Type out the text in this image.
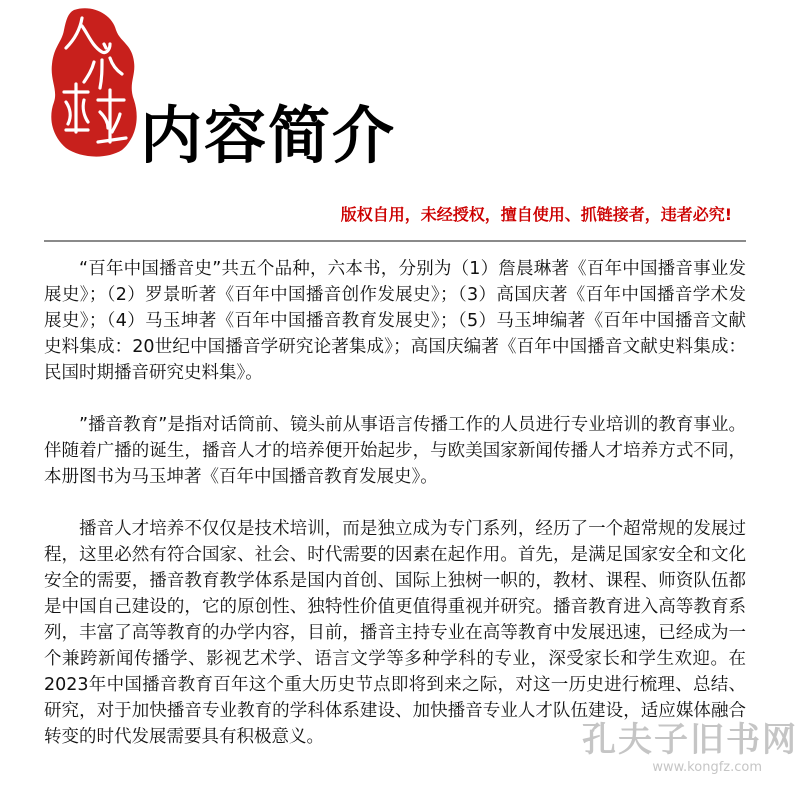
内容简介
版权自用，未经授权，擅自使用、抓链接者，违者必究!

“百年中国播音史”共五个品种，六本书，分别为（1）詹晨琳著《百年中国播音事业发展史》；（2）罗景昕著《百年中国播音创作发展史》；（3）高国庆著《百年中国播音学术发展史》；（4）马玉坤著《百年中国播音教育发展史》；（5）马玉坤编著《百年中国播音文献史料集成：20世纪中国播音学研究论著集成》；高国庆编著《百年中国播音文献史料集成：民国时期播音研究史料集》。

”播音教育”是指对话筒前、镜头前从事语言传播工作的人员进行专业培训的教育事业。伴随着广播的诞生，播音人才的培养便开始起步，与欧美国家新闻传播人才培养方式不同，本册图书为马玉坤著《百年中国播音教育发展史》。

播音人才培养不仅仅是技术培训，而是独立成为专门系列，经历了一个超常规的发展过程，这里必然有符合国家、社会、时代需要的因素在起作用。首先，是满足国家安全和文化安全的需要，播音教育教学体系是国内首创、国际上独树一帜的，教材、课程、师资队伍都是中国自己建设的，它的原创性、独特性价值更值得重视并研究。播音教育进入高等教育系列，丰富了高等教育的办学内容，目前，播音主持专业在高等教育中发展迅速，已经成为一个兼跨新闻传播学、影视艺术学、语言文学等多种学科的专业，深受家长和学生欢迎。在2023年中国播音教育百年这个重大历史节点即将到来之际，对这一历史进行梳理、总结、研究，对于加快播音专业教育的学科体系建设、加快播音专业人才队伍建设，适应媒体融合转变的时代发展需要具有积极意义。	孔夫子旧书网
www.kongfz.com
